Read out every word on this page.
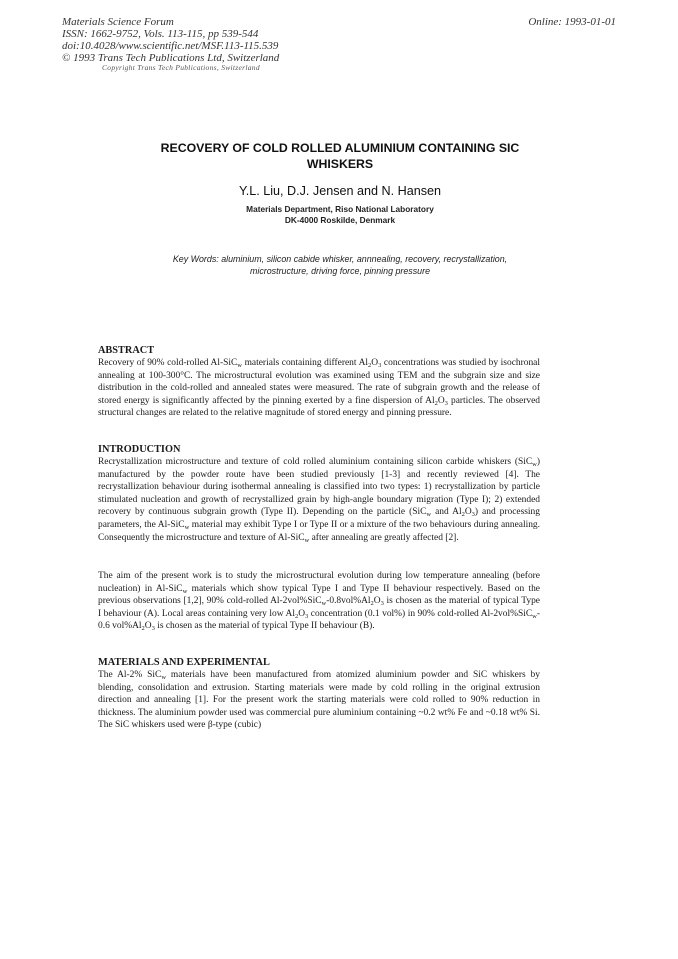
Materials Science Forum
ISSN: 1662-9752, Vols. 113-115, pp 539-544
doi:10.4028/www.scientific.net/MSF.113-115.539
© 1993 Trans Tech Publications Ltd, Switzerland
Copyright Trans Tech Publications, Switzerland
Online: 1993-01-01
RECOVERY OF COLD ROLLED ALUMINIUM CONTAINING SIC
WHISKERS
Y.L. Liu, D.J. Jensen and N. Hansen
Materials Department, Riso National Laboratory
DK-4000 Roskilde, Denmark
Key Words: aluminium, silicon cabide whisker, annnealing, recovery, recrystallization,
microstructure, driving force, pinning pressure
ABSTRACT

Recovery of 90% cold-rolled Al-SiC$_w$ materials containing different $Al_2O_3$ concentrations was studied by isochronal annealing at 100-300°C. The microstructural evolution was examined using TEM and the subgrain size and size distribution in the cold-rolled and annealed states were measured. The rate of subgrain growth and the release of stored energy is significantly affected by the pinning exerted by a fine dispersion of $Al_2O_3$ particles. The observed structural changes are related to the relative magnitude of stored energy and pinning pressure.

INTRODUCTION

Recrystallization microstructure and texture of cold rolled aluminium containing silicon carbide whiskers (SiC$_w$) manufactured by the powder route have been studied previously [1-3] and recently reviewed [4]. The recrystallization behaviour during isothermal annealing is classified into two types: 1) recrystallization by particle stimulated nucleation and growth of recrystallized grain by high-angle boundary migration (Type I); 2) extended recovery by continuous subgrain growth (Type II). Depending on the particle (SiC$_w$ and $Al_2O_3$) and processing parameters, the Al-SiC$_w$ material may exhibit Type I or Type II or a mixture of the two behaviours during annealing. Consequently the microstructure and texture of Al-SiC$_w$ after annealing are greatly affected [2].

The aim of the present work is to study the microstructural evolution during low temperature annealing (before nucleation) in Al-SiC$_w$ materials which show typical Type I and Type II behaviour respectively. Based on the previous observations [1,2], 90% cold-rolled $Al-2vol\%SiC_w-0.8vol\%Al_2O_3$ is chosen as the material of typical Type I behaviour (A). Local areas containing very low $Al_2O_3$ concentration (0.1 vol%) in 90% cold-rolled Al-2vol%SiC$_w$-0.6 $vol\%Al_2O_3$ is chosen as the material of typical Type II behaviour (B).

MATERIALS AND EXPERIMENTAL

The Al-2% SiC$_w$ materials have been manufactured from atomized aluminium powder and SiC whiskers by blending, consolidation and extrusion. Starting materials were made by cold rolling in the original extrusion direction and annealing [1]. For the present work the starting materials were cold rolled to 90% reduction in thickness. The aluminium powder used was commercial pure aluminium containing ~0.2 wt% Fe and ~0.18 wt% Si. The SiC whiskers used were β-type (cubic)
